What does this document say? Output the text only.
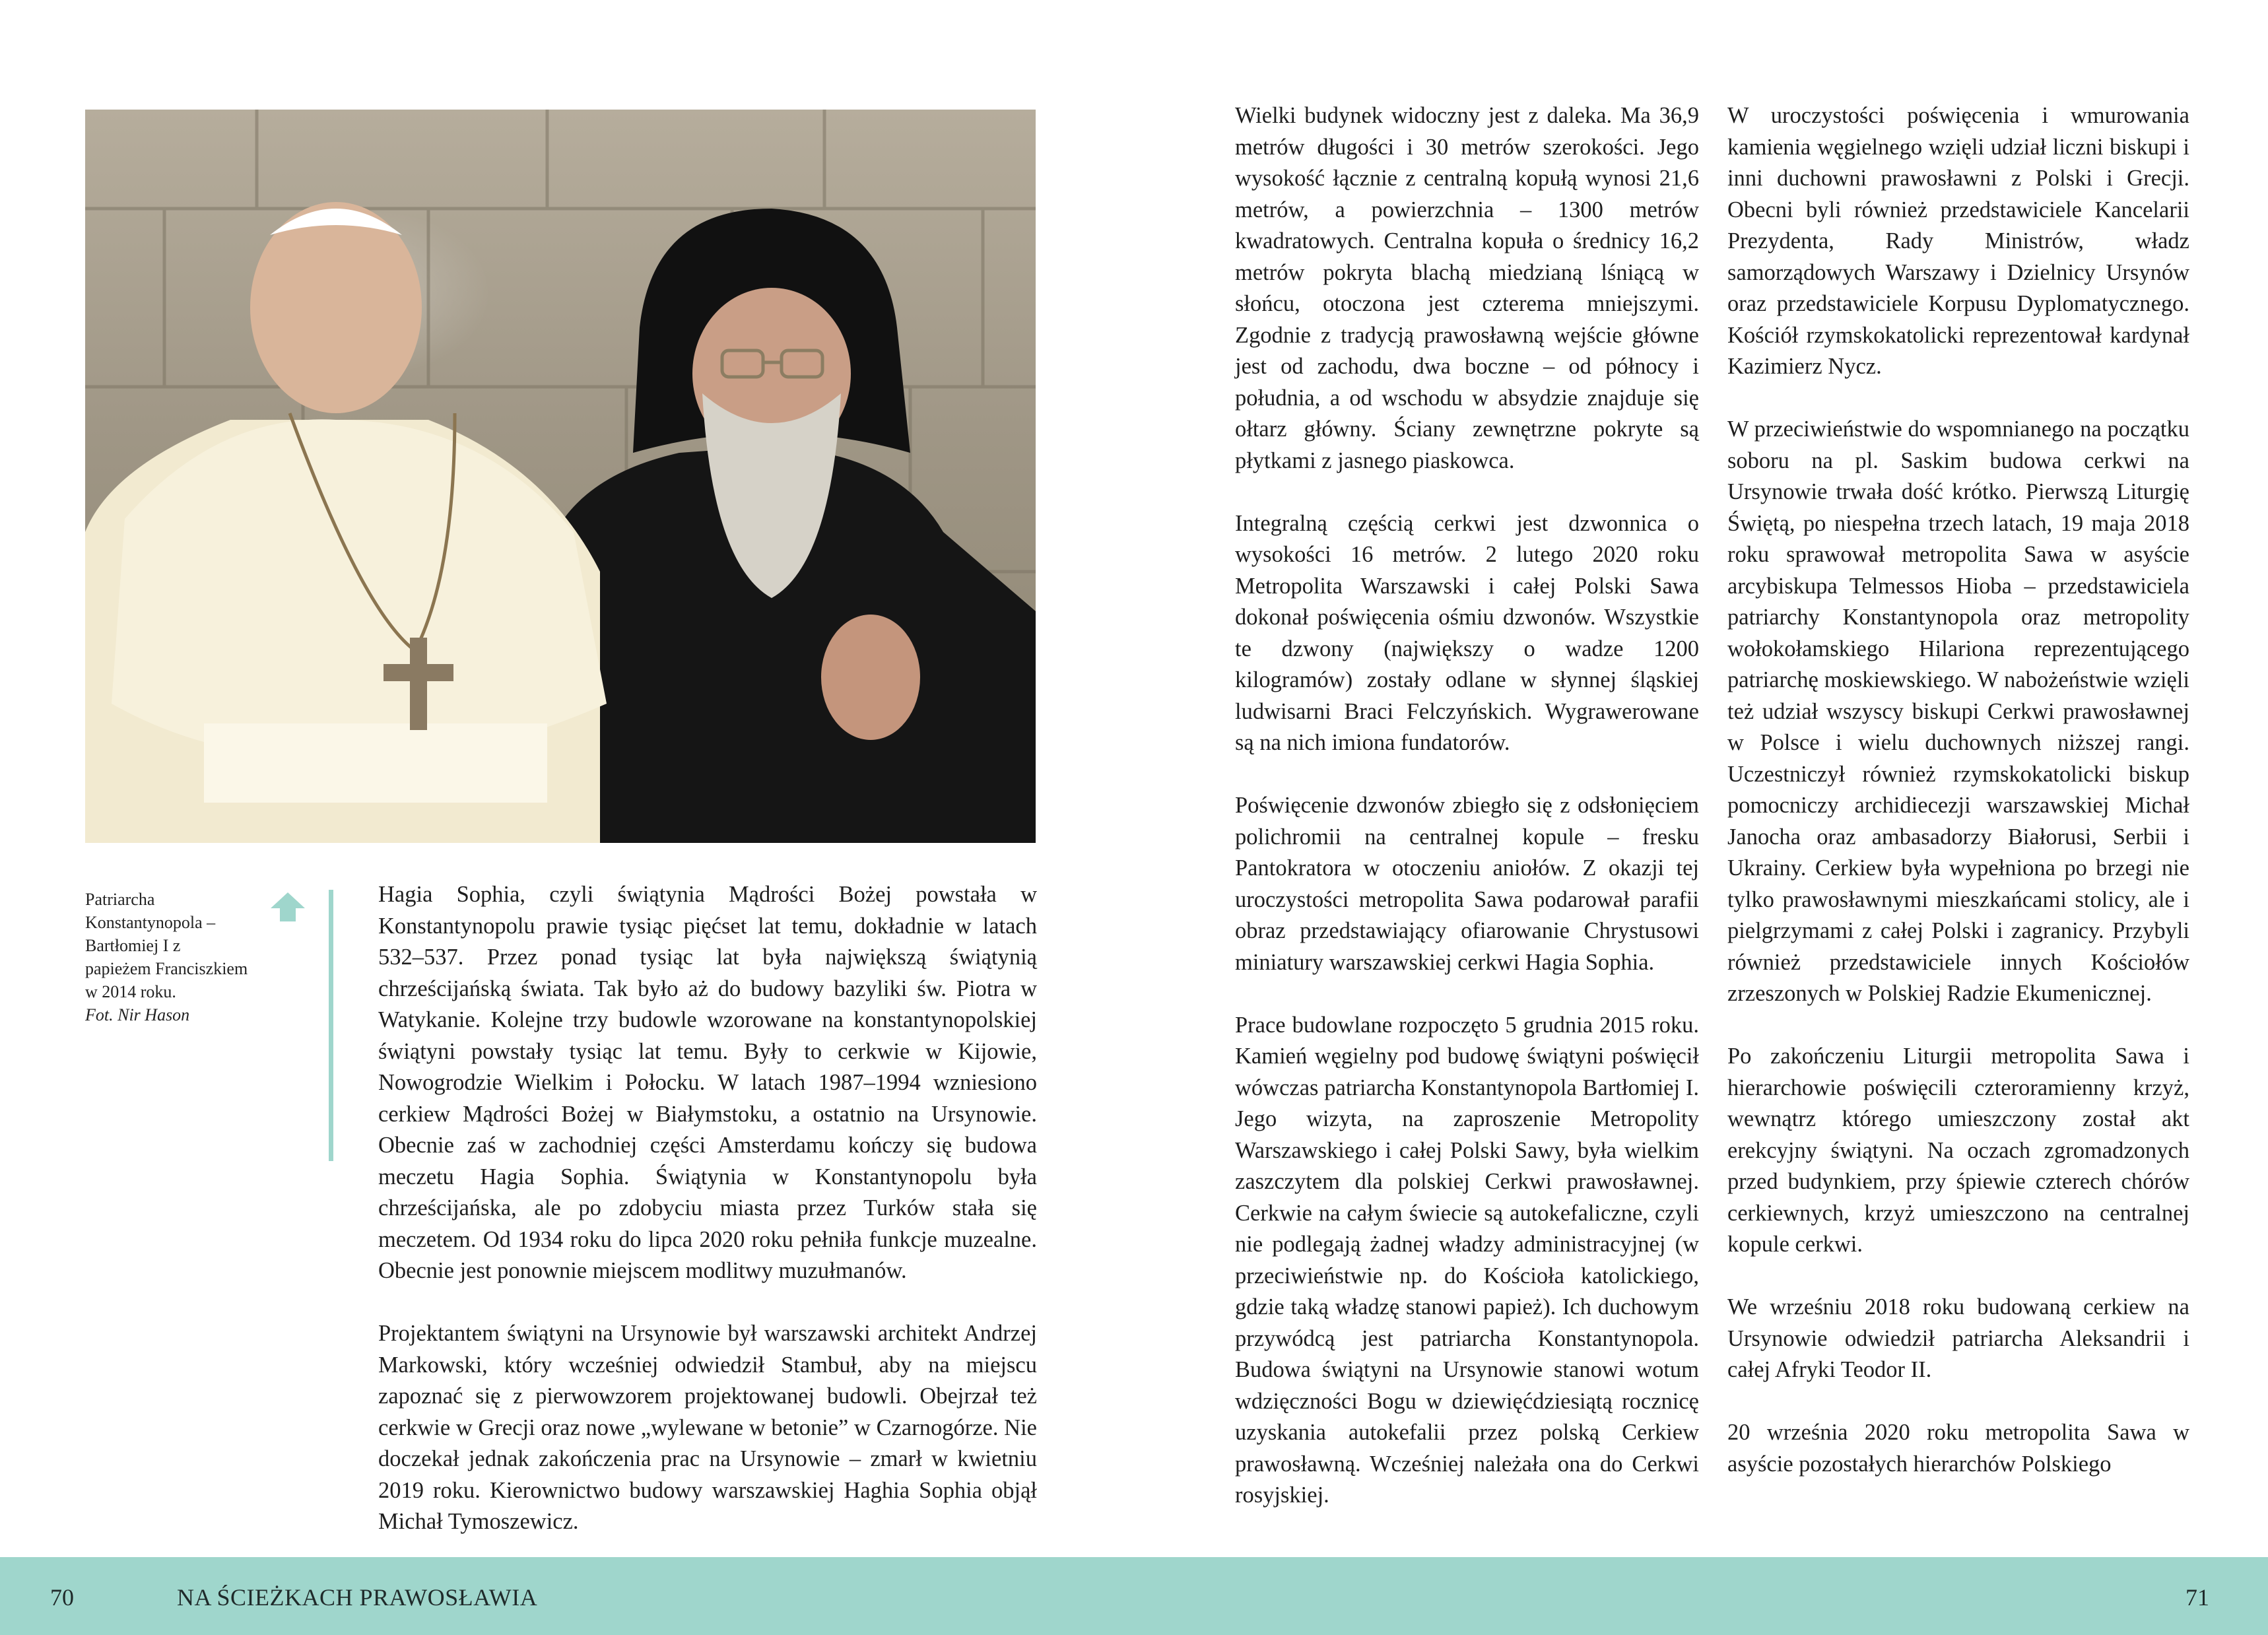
Patriarcha Konstantynopola – Bartłomiej I z papieżem Franciszkiem w 2014 roku.
Fot. Nir Hason

Hagia Sophia, czyli świątynia Mądrości Bożej powstała w Konstantynopolu prawie tysiąc pięćset lat temu, dokładnie w latach 532–537. Przez ponad tysiąc lat była największą świątynią chrześcijańską świata. Tak było aż do budowy bazyliki św. Piotra w Watykanie. Kolejne trzy budowle wzorowane na konstantynopolskiej świątyni powstały tysiąc lat temu. Były to cerkwie w Kijowie, Nowogrodzie Wielkim i Połocku. W latach 1987–1994 wzniesiono cerkiew Mądrości Bożej w Białymstoku, a ostatnio na Ursynowie. Obecnie zaś w zachodniej części Amsterdamu kończy się budowa meczetu Hagia Sophia. Świątynia w Konstantynopolu była chrześcijańska, ale po zdobyciu miasta przez Turków stała się meczetem. Od 1934 roku do lipca 2020 roku pełniła funkcje muzealne. Obecnie jest ponownie miejscem modlitwy muzułmanów.

Projektantem świątyni na Ursynowie był warszawski architekt Andrzej Markowski, który wcześniej odwiedził Stambuł, aby na miejscu zapoznać się z pierwowzorem projektowanej budowli. Obejrzał też cerkwie w Grecji oraz nowe „wylewane w betonie” w Czarnogórze. Nie doczekał jednak zakończenia prac na Ursynowie – zmarł w kwietniu 2019 roku. Kierownictwo budowy warszawskiej Haghia Sophia objął Michał Tymoszewicz.

Wielki budynek widoczny jest z daleka. Ma 36,9 metrów długości i 30 metrów szerokości. Jego wysokość łącznie z centralną kopułą wynosi 21,6 metrów, a powierzchnia – 1300 metrów kwadratowych. Centralna kopuła o średnicy 16,2 metrów pokryta blachą miedzianą lśniącą w słońcu, otoczona jest czterema mniejszymi. Zgodnie z tradycją prawosławną wejście główne jest od zachodu, dwa boczne – od północy i południa, a od wschodu w absydzie znajduje się ołtarz główny. Ściany zewnętrzne pokryte są płytkami z jasnego piaskowca.

Integralną częścią cerkwi jest dzwonnica o wysokości 16 metrów. 2 lutego 2020 roku Metropolita Warszawski i całej Polski Sawa dokonał poświęcenia ośmiu dzwonów. Wszystkie te dzwony (największy o wadze 1200 kilogramów) zostały odlane w słynnej śląskiej ludwisarni Braci Felczyńskich. Wygrawerowane są na nich imiona fundatorów.

Poświęcenie dzwonów zbiegło się z odsłonięciem polichromii na centralnej kopule – fresku Pantokratora w otoczeniu aniołów. Z okazji tej uroczystości metropolita Sawa podarował parafii obraz przedstawiający ofiarowanie Chrystusowi miniatury warszawskiej cerkwi Hagia Sophia.

Prace budowlane rozpoczęto 5 grudnia 2015 roku. Kamień węgielny pod budowę świątyni poświęcił wówczas patriarcha Konstantynopola Bartłomiej I. Jego wizyta, na zaproszenie Metropolity Warszawskiego i całej Polski Sawy, była wielkim zaszczytem dla polskiej Cerkwi prawosławnej. Cerkwie na całym świecie są autokefaliczne, czyli nie podlegają żadnej władzy administracyjnej (w przeciwieństwie np. do Kościoła katolickiego, gdzie taką władzę stanowi papież). Ich duchowym przywódcą jest patriarcha Konstantynopola. Budowa świątyni na Ursynowie stanowi wotum wdzięczności Bogu w dziewięćdziesiątą rocznicę uzyskania autokefalii przez polską Cerkiew prawosławną. Wcześniej należała ona do Cerkwi rosyjskiej.

W uroczystości poświęcenia i wmurowania kamienia węgielnego wzięli udział liczni biskupi i inni duchowni prawosławni z Polski i Grecji. Obecni byli również przedstawiciele Kancelarii Prezydenta, Rady Ministrów, władz samorządowych Warszawy i Dzielnicy Ursynów oraz przedstawiciele Korpusu Dyplomatycznego. Kościół rzymskokatolicki reprezentował kardynał Kazimierz Nycz.

W przeciwieństwie do wspomnianego na początku soboru na pl. Saskim budowa cerkwi na Ursynowie trwała dość krótko. Pierwszą Liturgię Świętą, po niespełna trzech latach, 19 maja 2018 roku sprawował metropolita Sawa w asyście arcybiskupa Telmessos Hioba – przedstawiciela patriarchy Konstantynopola oraz metropolity wołokołamskiego Hilariona reprezentującego patriarchę moskiewskiego. W nabożeństwie wzięli też udział wszyscy biskupi Cerkwi prawosławnej w Polsce i wielu duchownych niższej rangi. Uczestniczył również rzymskokatolicki biskup pomocniczy archidiecezji warszawskiej Michał Janocha oraz ambasadorzy Białorusi, Serbii i Ukrainy. Cerkiew była wypełniona po brzegi nie tylko prawosławnymi mieszkańcami stolicy, ale i pielgrzymami z całej Polski i zagranicy. Przybyli również przedstawiciele innych Kościołów zrzeszonych w Polskiej Radzie Ekumenicznej.

Po zakończeniu Liturgii metropolita Sawa i hierarchowie poświęcili czteroramienny krzyż, wewnątrz którego umieszczony został akt erekcyjny świątyni. Na oczach zgromadzonych przed budynkiem, przy śpiewie czterech chórów cerkiewnych, krzyż umieszczono na centralnej kopule cerkwi.

We wrześniu 2018 roku budowaną cerkiew na Ursynowie odwiedził patriarcha Aleksandrii i całej Afryki Teodor II.

20 września 2020 roku metropolita Sawa w asyście pozostałych hierarchów Polskiego

70	NA ŚCIEŻKACH PRAWOSŁAWIA	71
